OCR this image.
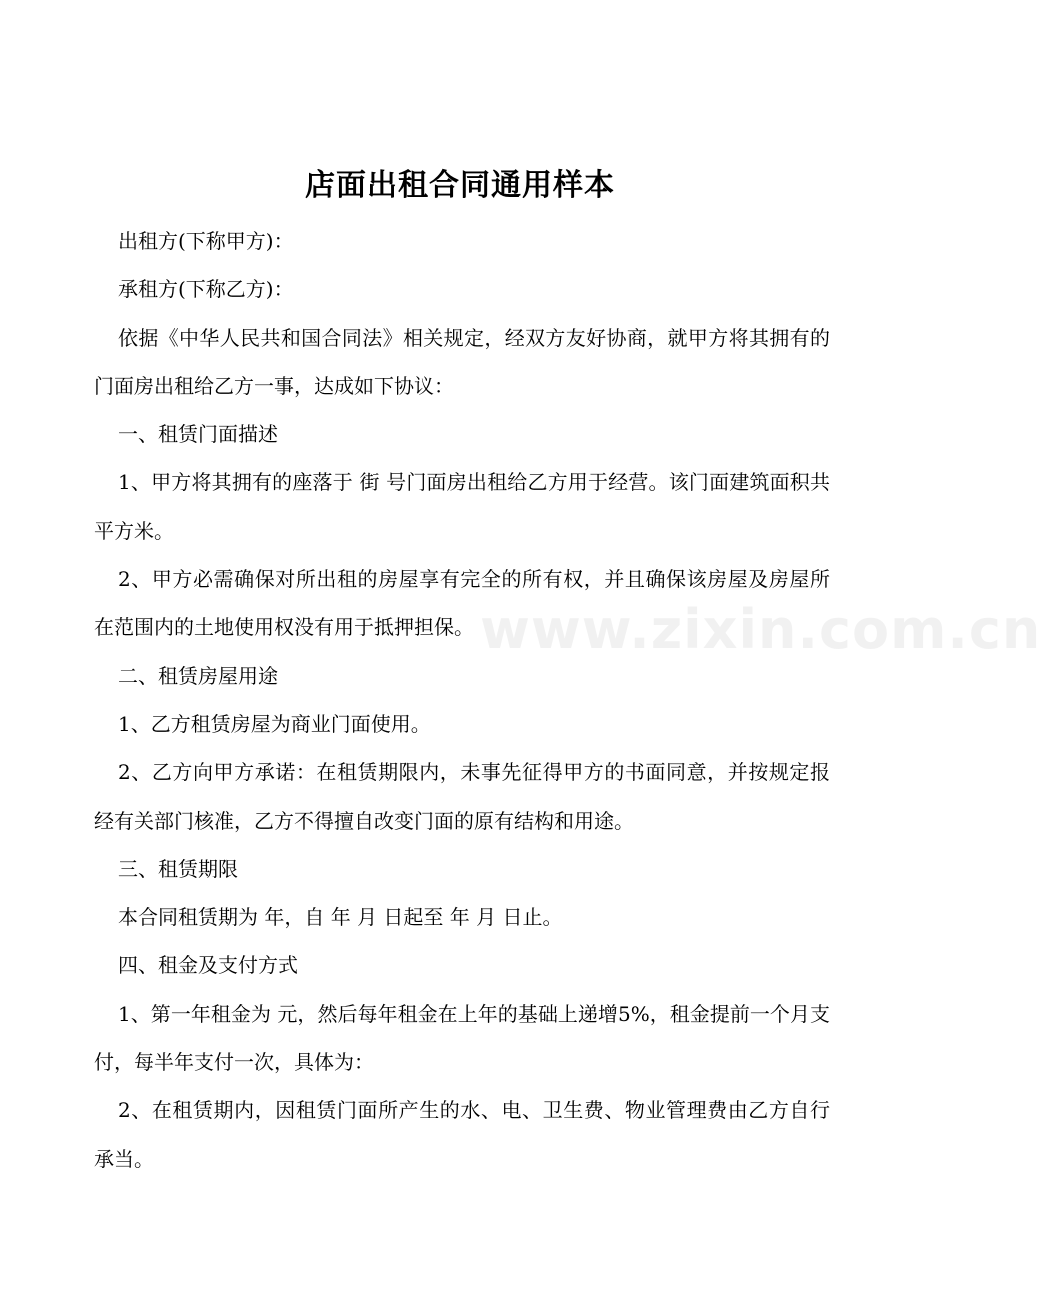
店面出租合同通用样本

出租方(下称甲方)：

承租方(下称乙方)：

依据《中华人民共和国合同法》相关规定，经双方友好协商，就甲方将其拥有的门面房出租给乙方一事，达成如下协议：

一、租赁门面描述

1、甲方将其拥有的座落于 街 号门面房出租给乙方用于经营。该门面建筑面积共 平方米。

2、甲方必需确保对所出租的房屋享有完全的所有权，并且确保该房屋及房屋所在范围内的土地使用权没有用于抵押担保。

二、租赁房屋用途

1、乙方租赁房屋为商业门面使用。

2、乙方向甲方承诺：在租赁期限内，未事先征得甲方的书面同意，并按规定报经有关部门核准，乙方不得擅自改变门面的原有结构和用途。

三、租赁期限

本合同租赁期为 年，自 年 月 日起至 年 月 日止。

四、租金及支付方式

1、第一年租金为 元，然后每年租金在上年的基础上递增5%，租金提前一个月支付，每半年支付一次，具体为：

2、在租赁期内，因租赁门面所产生的水、电、卫生费、物业管理费由乙方自行承当。

www.zixin.com.cn
